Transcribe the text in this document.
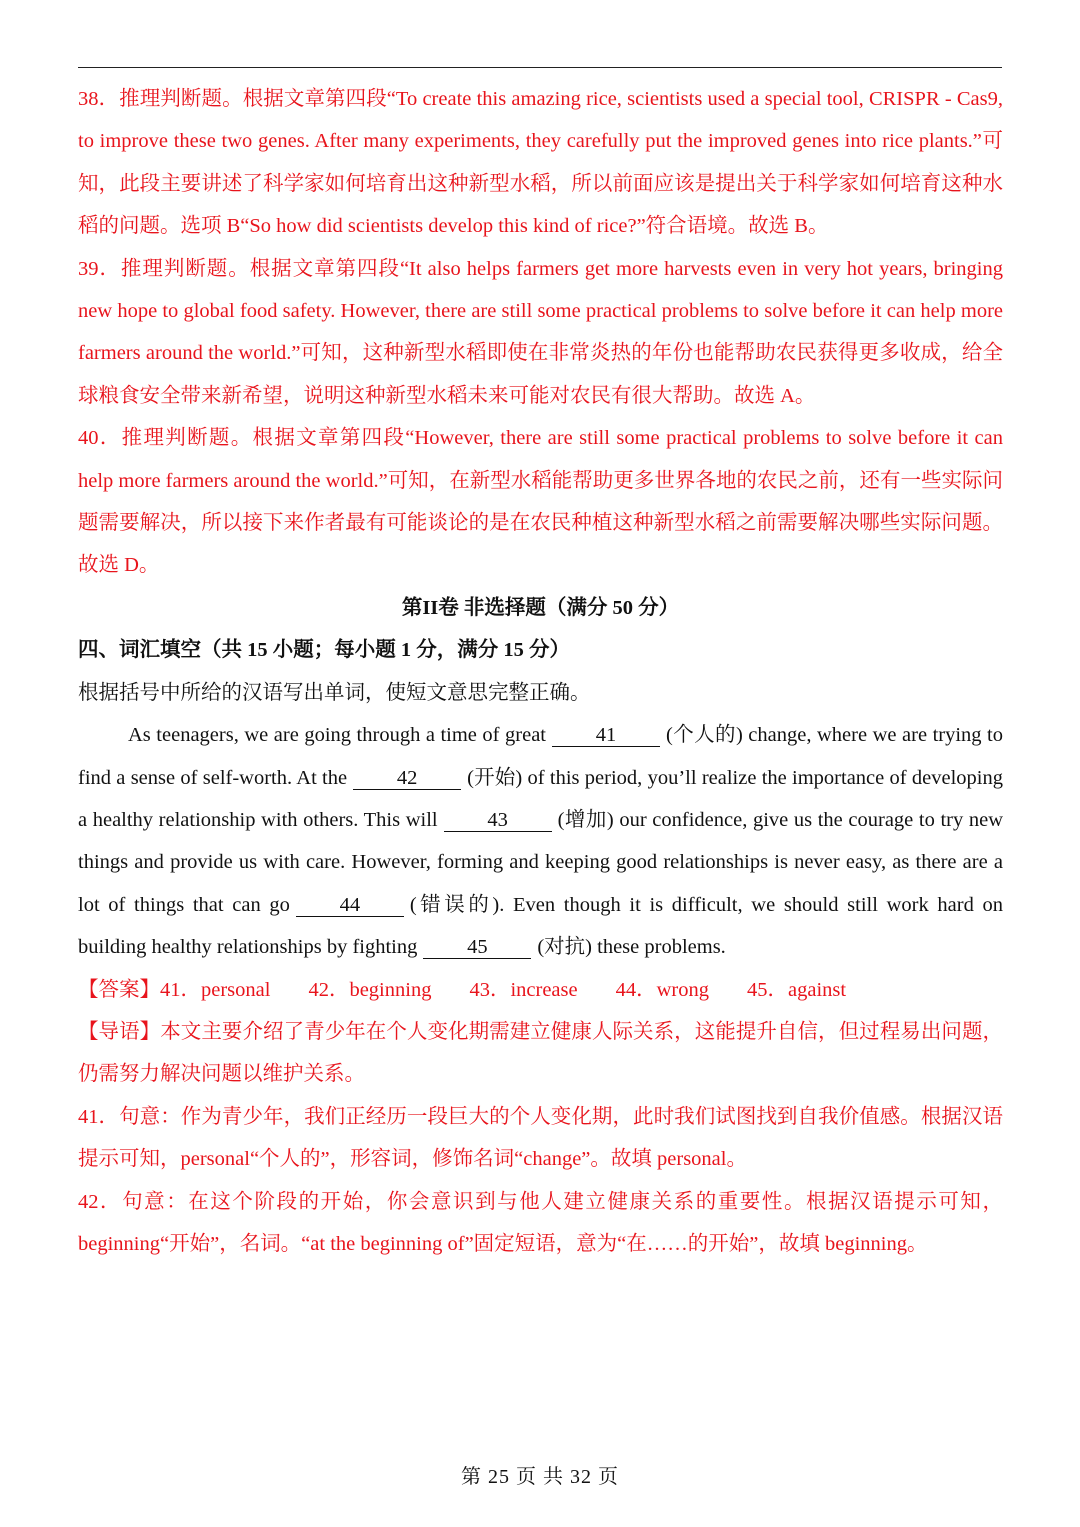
38．推理判断题。根据文章第四段“To create this amazing rice, scientists used a special tool, CRISPR - Cas9, to improve these two genes. After many experiments, they carefully put the improved genes into rice plants.”可知，此段主要讲述了科学家如何培育出这种新型水稻，所以前面应该是提出关于科学家如何培育这种水稻的问题。选项 B“So how did scientists develop this kind of rice?”符合语境。故选 B。

39．推理判断题。根据文章第四段“It also helps farmers get more harvests even in very hot years, bringing new hope to global food safety. However, there are still some practical problems to solve before it can help more farmers around the world.”可知，这种新型水稻即使在非常炎热的年份也能帮助农民获得更多收成，给全球粮食安全带来新希望，说明这种新型水稻未来可能对农民有很大帮助。故选 A。

40．推理判断题。根据文章第四段“However, there are still some practical problems to solve before it can help more farmers around the world.”可知，在新型水稻能帮助更多世界各地的农民之前，还有一些实际问题需要解决，所以接下来作者最有可能谈论的是在农民种植这种新型水稻之前需要解决哪些实际问题。故选 D。

第II卷 非选择题（满分 50 分）

四、词汇填空（共 15 小题；每小题 1 分，满分 15 分）

根据括号中所给的汉语写出单词，使短文意思完整正确。

As teenagers, we are going through a time of great 41 (个人的) change, where we are trying to find a sense of self-worth. At the 42 (开始) of this period, you’ll realize the importance of developing a healthy relationship with others. This will 43 (增加) our confidence, give us the courage to try new things and provide us with care. However, forming and keeping good relationships is never easy, as there are a lot of things that can go 44 (错误的). Even though it is difficult, we should still work hard on building healthy relationships by fighting 45 (对抗) these problems.

【答案】41．personal 42．beginning 43．increase 44．wrong 45．against

【导语】本文主要介绍了青少年在个人变化期需建立健康人际关系，这能提升自信，但过程易出问题，仍需努力解决问题以维护关系。

41．句意：作为青少年，我们正经历一段巨大的个人变化期，此时我们试图找到自我价值感。根据汉语提示可知，personal“个人的”，形容词，修饰名词“change”。故填 personal。

42．句意：在这个阶段的开始，你会意识到与他人建立健康关系的重要性。根据汉语提示可知，beginning“开始”，名词。“at the beginning of”固定短语，意为“在……的开始”，故填 beginning。

第 25 页 共 32 页
